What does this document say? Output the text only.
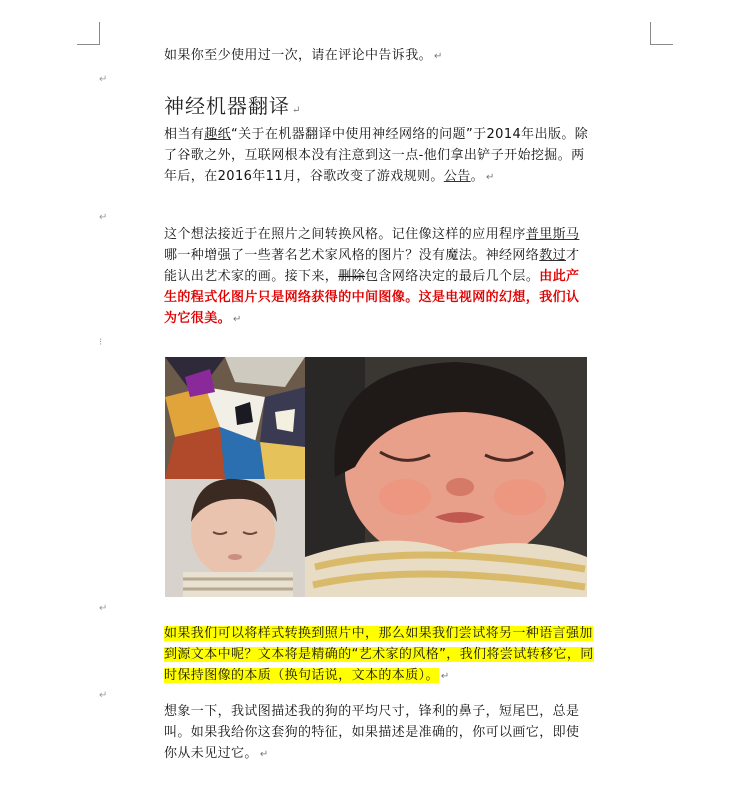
↵
↵
⁝
↵
↵
如果你至少使用过一次，请在评论中告诉我。 ↵
神经机器翻译 ↵
相当有趣纸“关于在机器翻译中使用神经网络的问题”于2014年出版。除了谷歌之外，互联网根本没有注意到这一点-他们拿出铲子开始挖掘。两年后，在2016年11月，谷歌改变了游戏规则。公告。 ↵
这个想法接近于在照片之间转换风格。记住像这样的应用程序普里斯马哪一种增强了一些著名艺术家风格的图片？没有魔法。神经网络教过才能认出艺术家的画。接下来，删除包含网络决定的最后几个层。由此产生的程式化图片只是网络获得的中间图像。这是电视网的幻想，我们认为它很美。 ↵
如果我们可以将样式转换到照片中，那么如果我们尝试将另一种语言强加到源文本中呢？文本将是精确的“艺术家的风格”，我们将尝试转移它，同时保持图像的本质（换句话说，文本的本质）。 ↵
想象一下，我试图描述我的狗的平均尺寸，锋利的鼻子，短尾巴，总是叫。如果我给你这套狗的特征，如果描述是准确的，你可以画它，即使你从未见过它。 ↵
